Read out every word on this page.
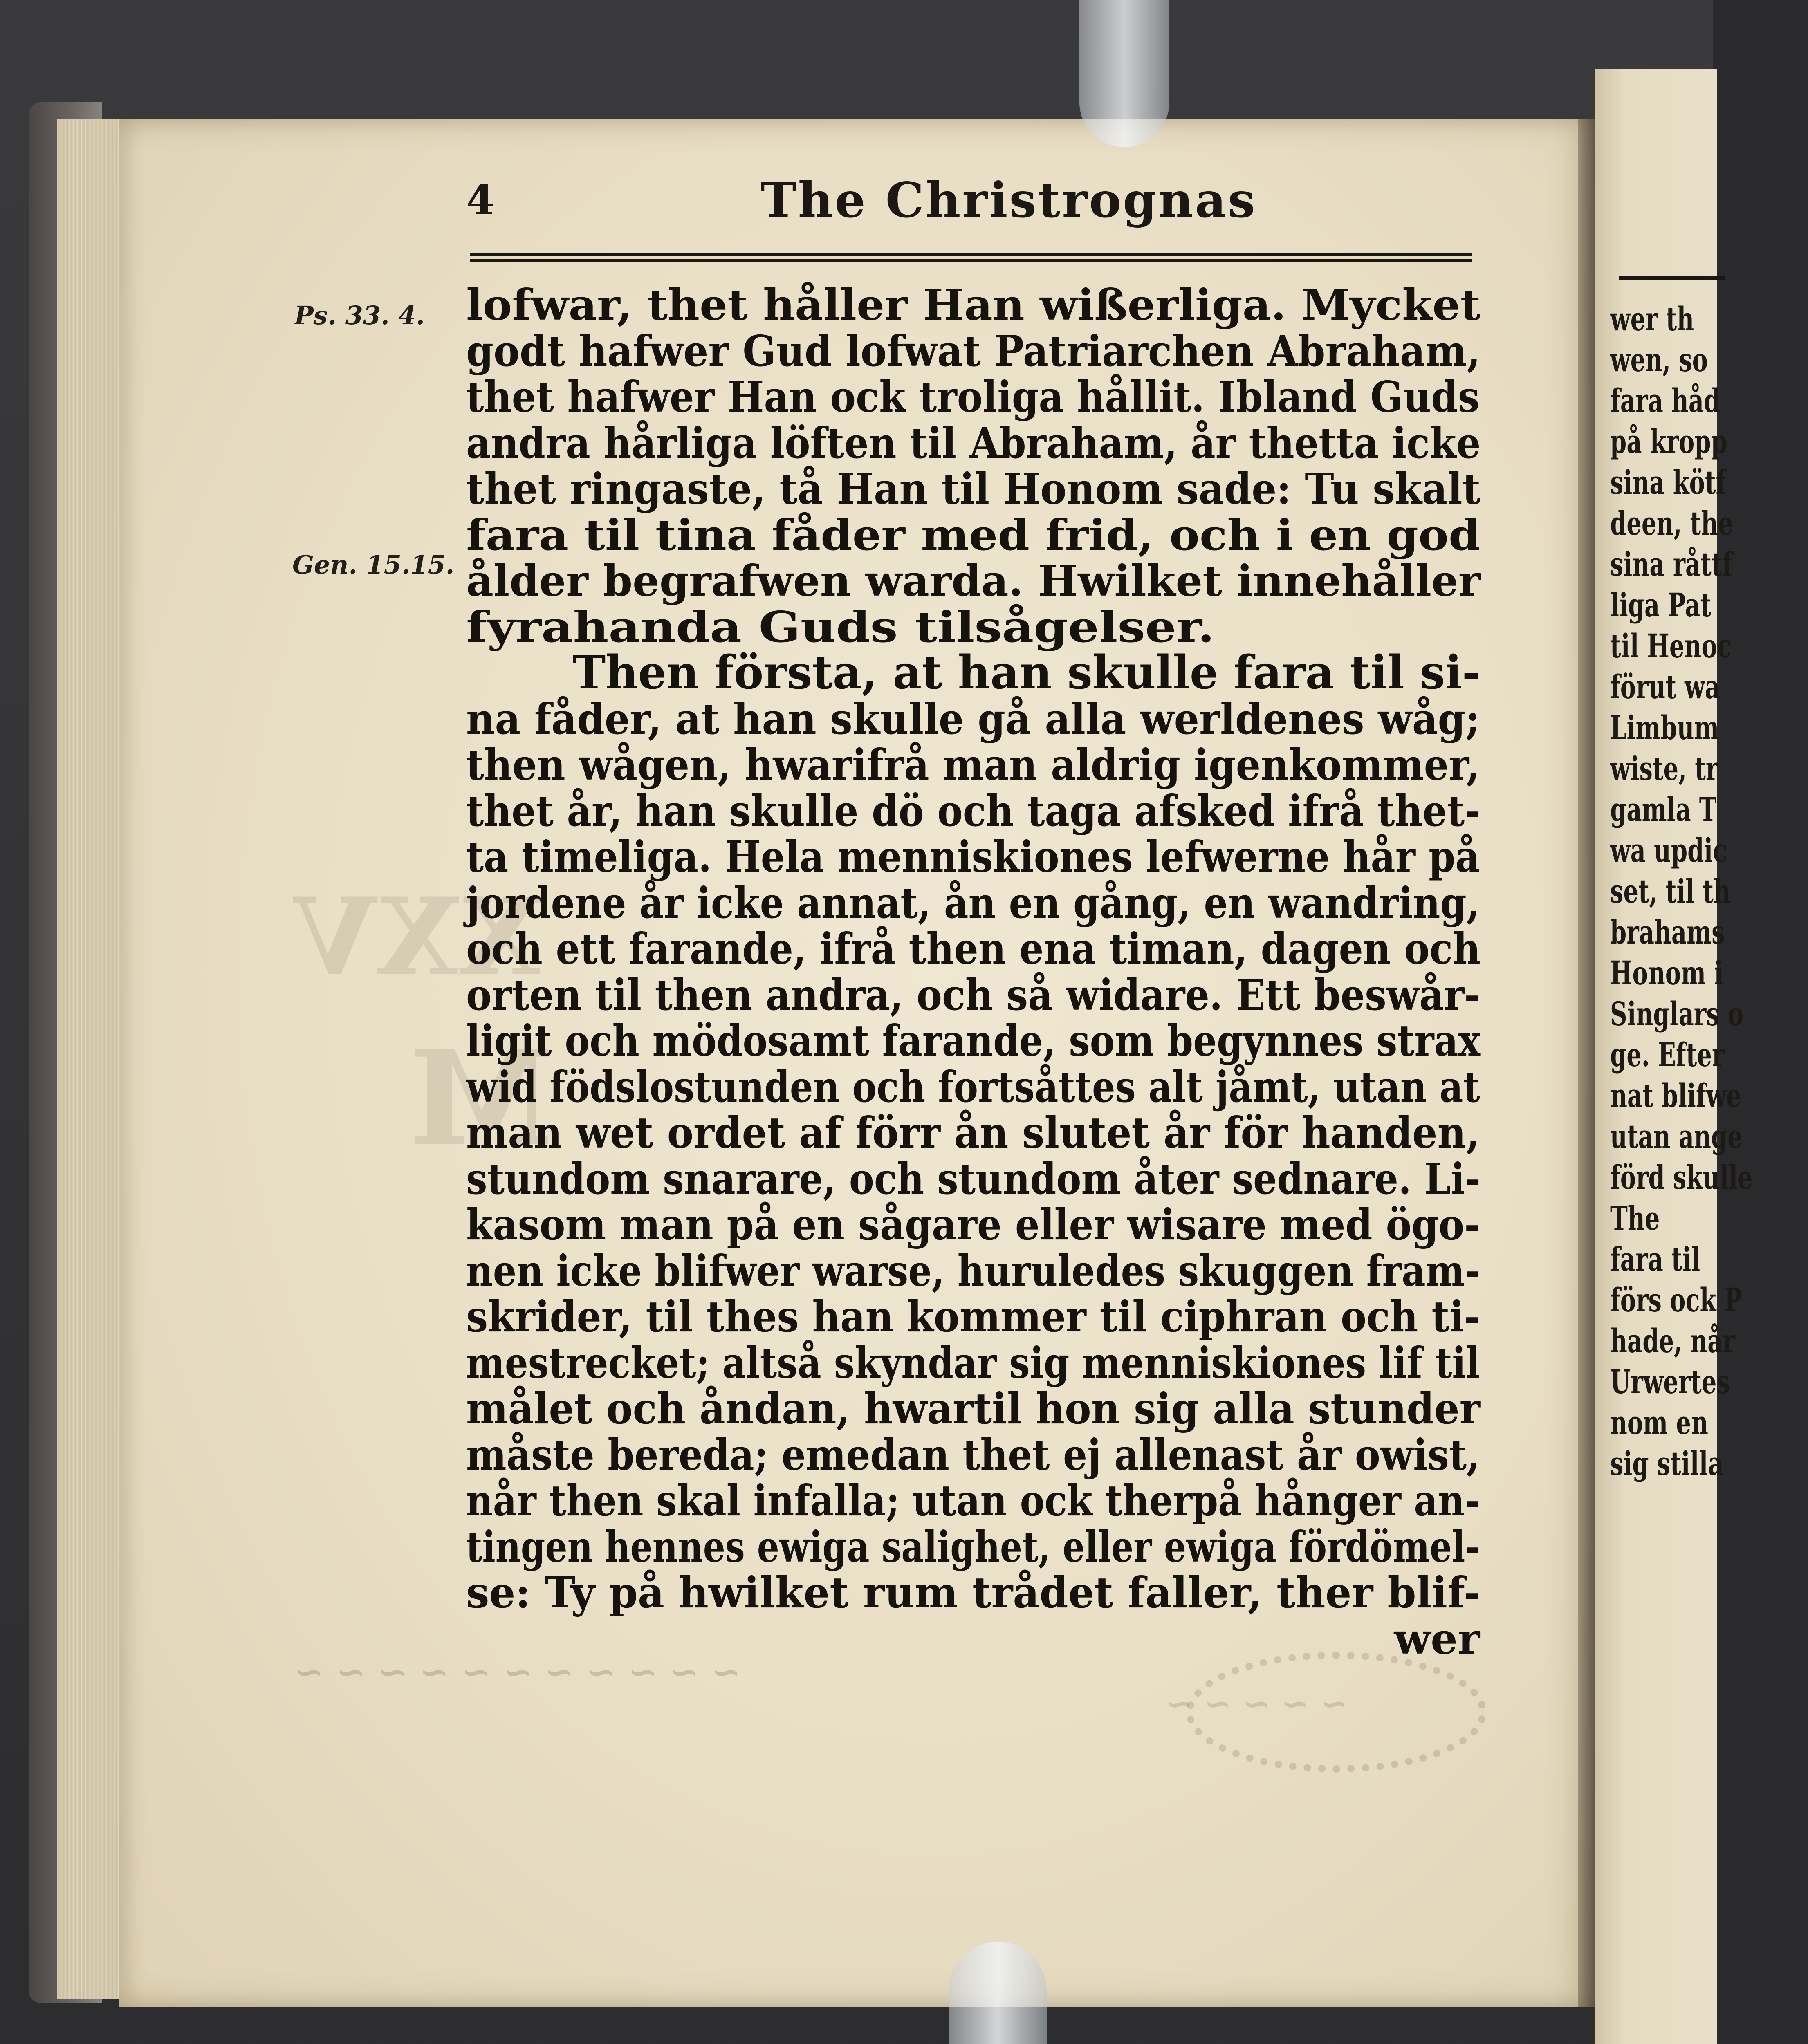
XXV
M
~ ~ ~ ~ ~ ~ ~ ~ ~ ~ ~
~ ~ ~ ~ ~
4	The Christrognas
Ps. 33. 4.
Gen. 15.15.
lofwar, thet håller Han wißerliga. Mycket
godt hafwer Gud lofwat Patriarchen Abraham,
thet hafwer Han ock troliga hållit. Ibland Guds
andra hårliga löften til Abraham, år thetta icke
thet ringaste, tå Han til Honom sade: Tu skalt
fara til tina fåder med frid, och i en god
ålder begrafwen warda. Hwilket innehåller
fyrahanda Guds tilsågelser.
Then första, at han skulle fara til si-
na fåder, at han skulle gå alla werldenes wåg;
then wågen, hwarifrå man aldrig igenkommer,
thet år, han skulle dö och taga afsked ifrå thet-
ta timeliga. Hela menniskiones lefwerne hår på
jordene år icke annat, ån en gång, en wandring,
och ett farande, ifrå then ena timan, dagen och
orten til then andra, och så widare. Ett beswår-
ligit och mödosamt farande, som begynnes strax
wid födslostunden och fortsåttes alt jåmt, utan at
man wet ordet af förr ån slutet år för handen,
stundom snarare, och stundom åter sednare. Li-
kasom man på en sågare eller wisare med ögo-
nen icke blifwer warse, huruledes skuggen fram-
skrider, til thes han kommer til ciphran och ti-
mestrecket; altså skyndar sig menniskiones lif til
målet och åndan, hwartil hon sig alla stunder
måste bereda; emedan thet ej allenast år owist,
når then skal infalla; utan ock therpå hånger an-
tingen hennes ewiga salighet, eller ewiga fördömel-
se: Ty på hwilket rum trådet faller, ther blif-
wer
wer th
wen, so
fara håd
på kropp
sina kötf
deen, the
sina råttf
liga Pat
til Henoc
förut wa
Limbum
wiste, tr
gamla T
wa updic
set, til th
brahams
Honom i
Singlars o
ge. Efter
nat blifwe
utan ange
förd skulle
The
fara til
förs ock P
hade, når
Urwertes
nom en
sig stilla
